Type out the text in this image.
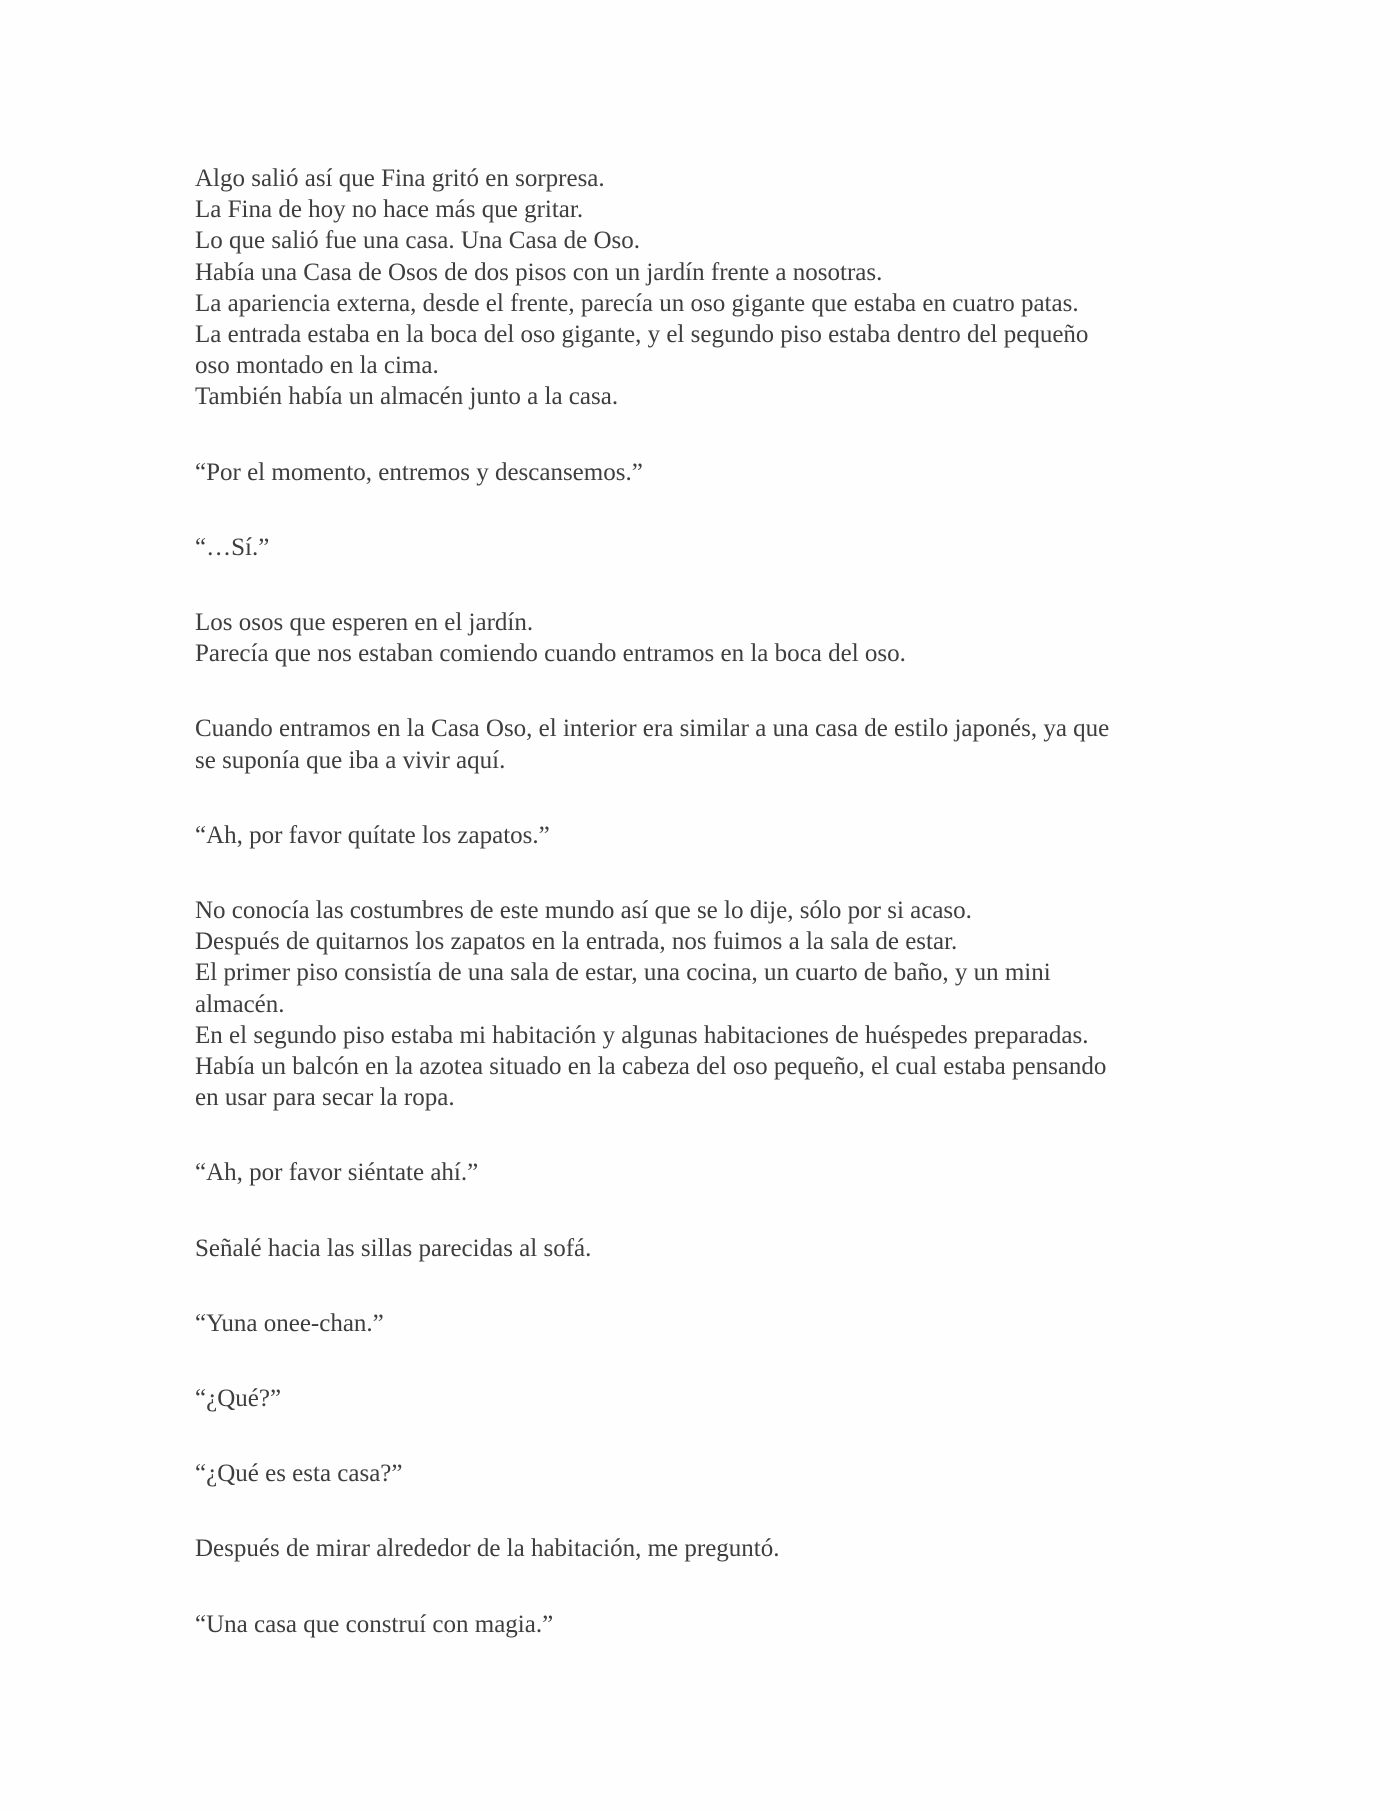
Algo salió así que Fina gritó en sorpresa.
La Fina de hoy no hace más que gritar.
Lo que salió fue una casa. Una Casa de Oso.
Había una Casa de Osos de dos pisos con un jardín frente a nosotras.
La apariencia externa, desde el frente, parecía un oso gigante que estaba en cuatro patas.
La entrada estaba en la boca del oso gigante, y el segundo piso estaba dentro del pequeño
oso montado en la cima.
También había un almacén junto a la casa.

“Por el momento, entremos y descansemos.”

“…Sí.”

Los osos que esperen en el jardín.
Parecía que nos estaban comiendo cuando entramos en la boca del oso.

Cuando entramos en la Casa Oso, el interior era similar a una casa de estilo japonés, ya que
se suponía que iba a vivir aquí.

“Ah, por favor quítate los zapatos.”

No conocía las costumbres de este mundo así que se lo dije, sólo por si acaso.
Después de quitarnos los zapatos en la entrada, nos fuimos a la sala de estar.
El primer piso consistía de una sala de estar, una cocina, un cuarto de baño, y un mini
almacén.
En el segundo piso estaba mi habitación y algunas habitaciones de huéspedes preparadas.
Había un balcón en la azotea situado en la cabeza del oso pequeño, el cual estaba pensando
en usar para secar la ropa.

“Ah, por favor siéntate ahí.”

Señalé hacia las sillas parecidas al sofá.

“Yuna onee-chan.”

“¿Qué?”

“¿Qué es esta casa?”

Después de mirar alrededor de la habitación, me preguntó.

“Una casa que construí con magia.”
